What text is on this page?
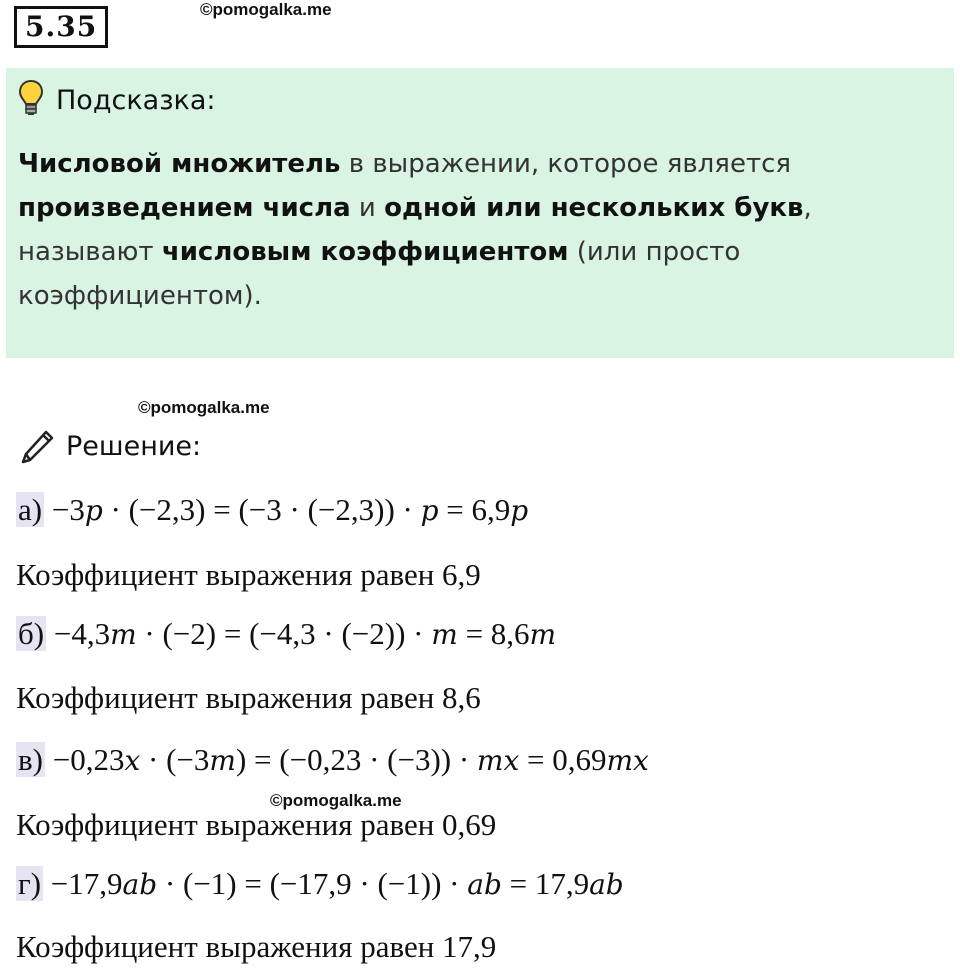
5.35
©pomogalka.me
Подсказка:
Числовой множитель в выражении, которое является произведением числа и одной или нескольких букв, называют числовым коэффициентом (или просто коэффициентом).
©pomogalka.me
Решение:
а) −3p · (−2,3) = (−3 · (−2,3)) · p = 6,9p
Коэффициент выражения равен 6,9
б) −4,3m · (−2) = (−4,3 · (−2)) · m = 8,6m
Коэффициент выражения равен 8,6
в) −0,23x · (−3m) = (−0,23 · (−3)) · mx = 0,69mx
©pomogalka.me
Коэффициент выражения равен 0,69
г) −17,9ab · (−1) = (−17,9 · (−1)) · ab = 17,9ab
Коэффициент выражения равен 17,9
